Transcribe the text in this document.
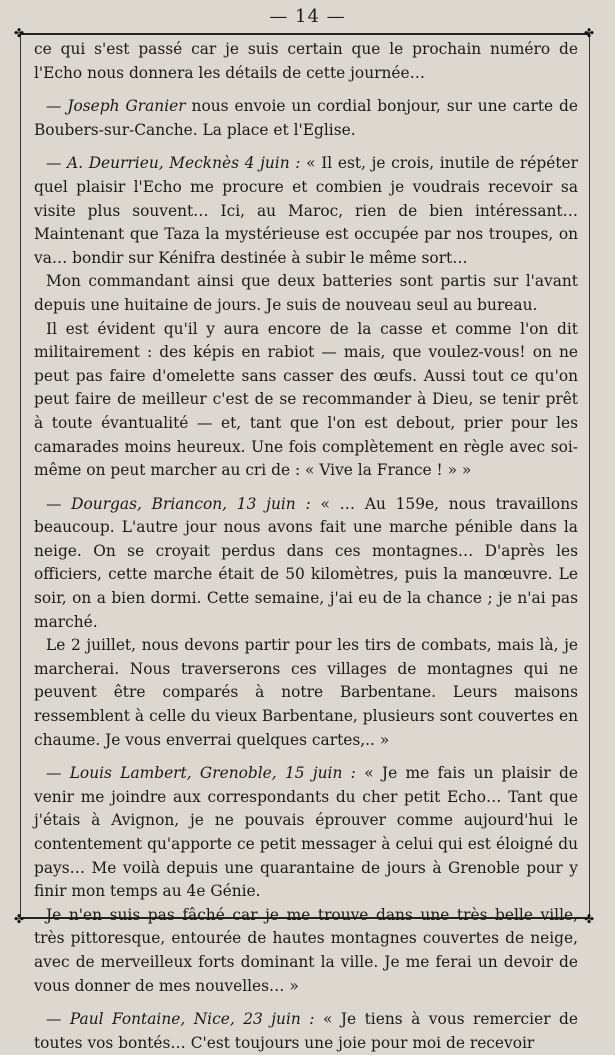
— 14 —
✤	✤
✤	✤

ce qui s'est passé car je suis certain que le prochain numéro de l'Echo nous donnera les détails de cette journée…

— Joseph Granier nous envoie un cordial bonjour, sur une carte de Boubers-sur-Canche. La place et l'Eglise.

— A. Deurrieu, Mecknès 4 juin : « Il est, je crois, inutile de répéter quel plaisir l'Echo me procure et combien je voudrais recevoir sa visite plus souvent… Ici, au Maroc, rien de bien intéressant… Maintenant que Taza la mystérieuse est occupée par nos troupes, on va… bondir sur Kénifra destinée à subir le même sort…

Mon commandant ainsi que deux batteries sont partis sur l'avant depuis une huitaine de jours. Je suis de nouveau seul au bureau.

Il est évident qu'il y aura encore de la casse et comme l'on dit militairement : des képis en rabiot — mais, que voulez-vous! on ne peut pas faire d'omelette sans casser des œufs. Aussi tout ce qu'on peut faire de meilleur c'est de se recommander à Dieu, se tenir prêt à toute évantualité — et, tant que l'on est debout, prier pour les camarades moins heureux. Une fois complètement en règle avec soi-même on peut marcher au cri de : « Vive la France ! » »

— Dourgas, Briancon, 13 juin : « … Au 159e, nous travaillons beaucoup. L'autre jour nous avons fait une marche pénible dans la neige. On se croyait perdus dans ces montagnes… D'après les officiers, cette marche était de 50 kilomètres, puis la manœuvre. Le soir, on a bien dormi. Cette semaine, j'ai eu de la chance ; je n'ai pas marché.

Le 2 juillet, nous devons partir pour les tirs de combats, mais là, je marcherai. Nous traverserons ces villages de montagnes qui ne peuvent être comparés à notre Barbentane. Leurs maisons ressemblent à celle du vieux Barbentane, plusieurs sont couvertes en chaume. Je vous enverrai quelques cartes,.. »

— Louis Lambert, Grenoble, 15 juin : « Je me fais un plaisir de venir me joindre aux correspondants du cher petit Echo… Tant que j'étais à Avignon, je ne pouvais éprouver comme aujourd'hui le contentement qu'apporte ce petit messager à celui qui est éloigné du pays… Me voilà depuis une quarantaine de jours à Grenoble pour y finir mon temps au 4e Génie.

Je n'en suis pas fâché car je me trouve dans une très belle ville, très pittoresque, entourée de hautes montagnes couvertes de neige, avec de merveilleux forts dominant la ville. Je me ferai un devoir de vous donner de mes nouvelles… »

— Paul Fontaine, Nice, 23 juin : « Je tiens à vous remercier de toutes vos bontés… C'est toujours une joie pour moi de recevoir
